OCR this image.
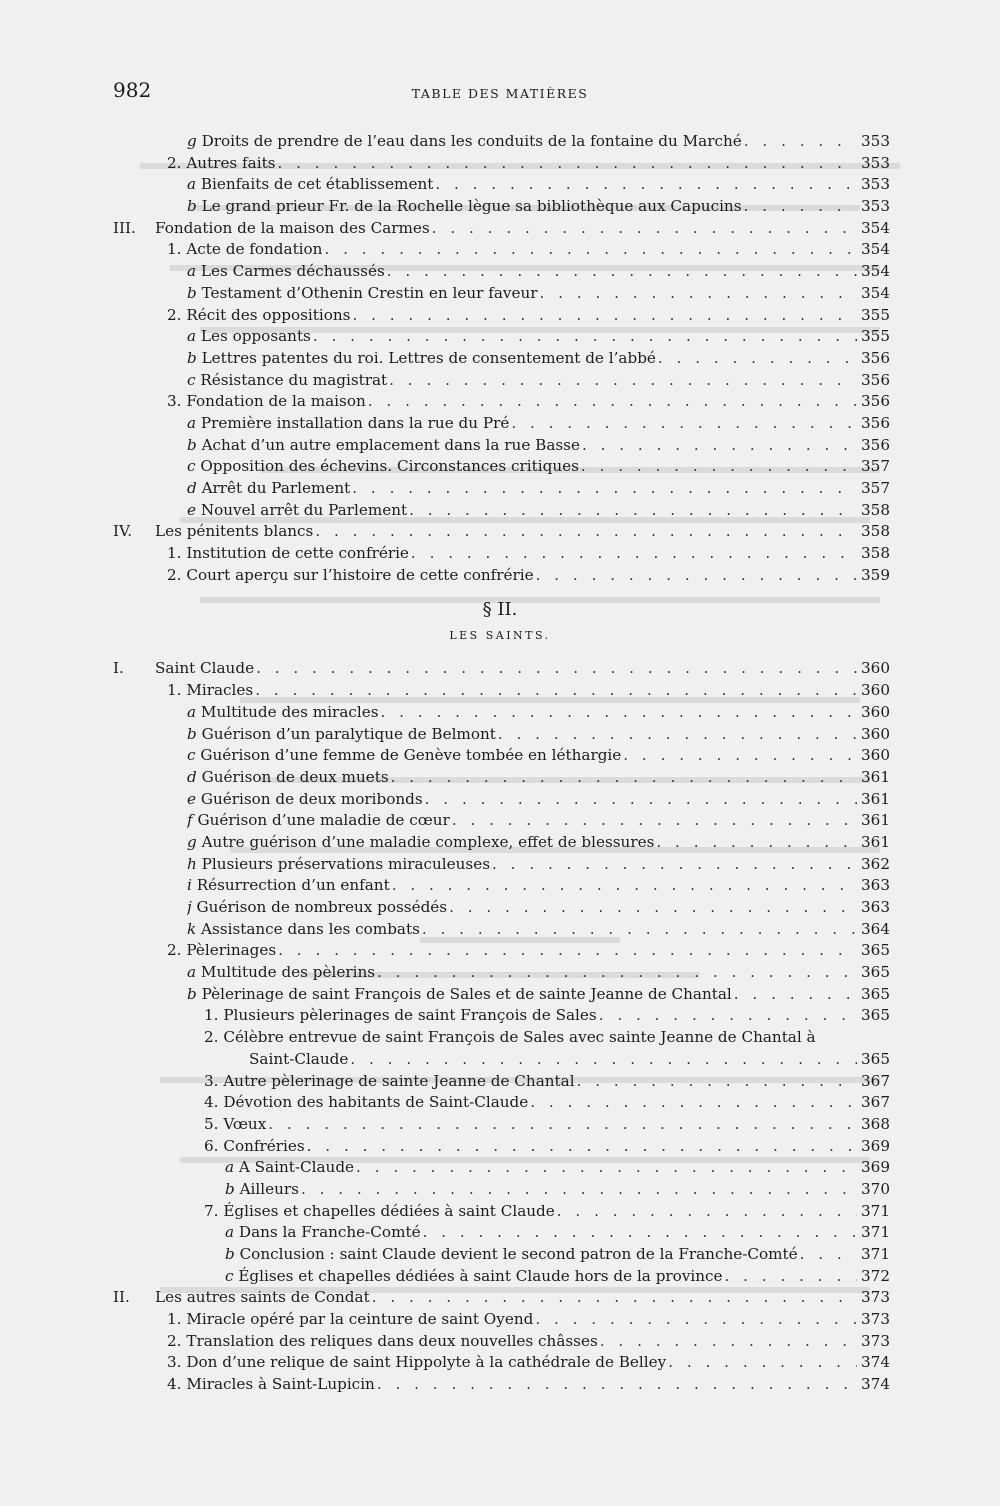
982	TABLE DES MATIÈRES
g Droits de prendre de l’eau dans les conduits de la fontaine du Marché . . .	353
2. Autres faits . . .	353
a Bienfaits de cet établissement . . .	353
b Le grand prieur Fr. de la Rochelle lègue sa bibliothèque aux Capucins . . .	353
III. Fondation de la maison des Carmes . . .	354
1. Acte de fondation . . .	354
a Les Carmes déchaussés . . .	354
b Testament d’Othenin Crestin en leur faveur . . .	354
2. Récit des oppositions . . .	355
a Les opposants . . .	355
b Lettres patentes du roi. Lettres de consentement de l’abbé . . .	356
c Résistance du magistrat . . .	356
3. Fondation de la maison . . .	356
a Première installation dans la rue du Pré . . .	356
b Achat d’un autre emplacement dans la rue Basse . . .	356
c Opposition des échevins. Circonstances critiques . . .	357
d Arrêt du Parlement . . .	357
e Nouvel arrêt du Parlement . . .	358
IV. Les pénitents blancs . . .	358
1. Institution de cette confrérie . . .	358
2. Court aperçu sur l’histoire de cette confrérie . . .	359
§ II.
LES SAINTS.
I. Saint Claude . . .	360
1. Miracles . . .	360
a Multitude des miracles . . .	360
b Guérison d’un paralytique de Belmont . . .	360
c Guérison d’une femme de Genève tombée en léthargie . . .	360
d Guérison de deux muets . . .	361
e Guérison de deux moribonds . . .	361
f Guérison d’une maladie de cœur . . .	361
g Autre guérison d’une maladie complexe, effet de blessures . . .	361
h Plusieurs préservations miraculeuses . . .	362
i Résurrection d’un enfant . . .	363
j Guérison de nombreux possédés . . .	363
k Assistance dans les combats . . .	364
2. Pèlerinages . . .	365
a Multitude des pèlerins . . .	365
b Pèlerinage de saint François de Sales et de sainte Jeanne de Chantal . . .	365
1. Plusieurs pèlerinages de saint François de Sales . . .	365
2. Célèbre entrevue de saint François de Sales avec sainte Jeanne de Chantal à
Saint-Claude . . .	365
3. Autre pèlerinage de sainte Jeanne de Chantal . . .	367
4. Dévotion des habitants de Saint-Claude . . .	367
5. Vœux . . .	368
6. Confréries . . .	369
a A Saint-Claude . . .	369
b Ailleurs . . .	370
7. Églises et chapelles dédiées à saint Claude . . .	371
a Dans la Franche-Comté . . .	371
b Conclusion : saint Claude devient le second patron de la Franche-Comté . . .	371
c Églises et chapelles dédiées à saint Claude hors de la province . . .	372
II. Les autres saints de Condat . . .	373
1. Miracle opéré par la ceinture de saint Oyend . . .	373
2. Translation des reliques dans deux nouvelles châsses . . .	373
3. Don d’une relique de saint Hippolyte à la cathédrale de Belley . . .	374
4. Miracles à Saint-Lupicin . . .	374
